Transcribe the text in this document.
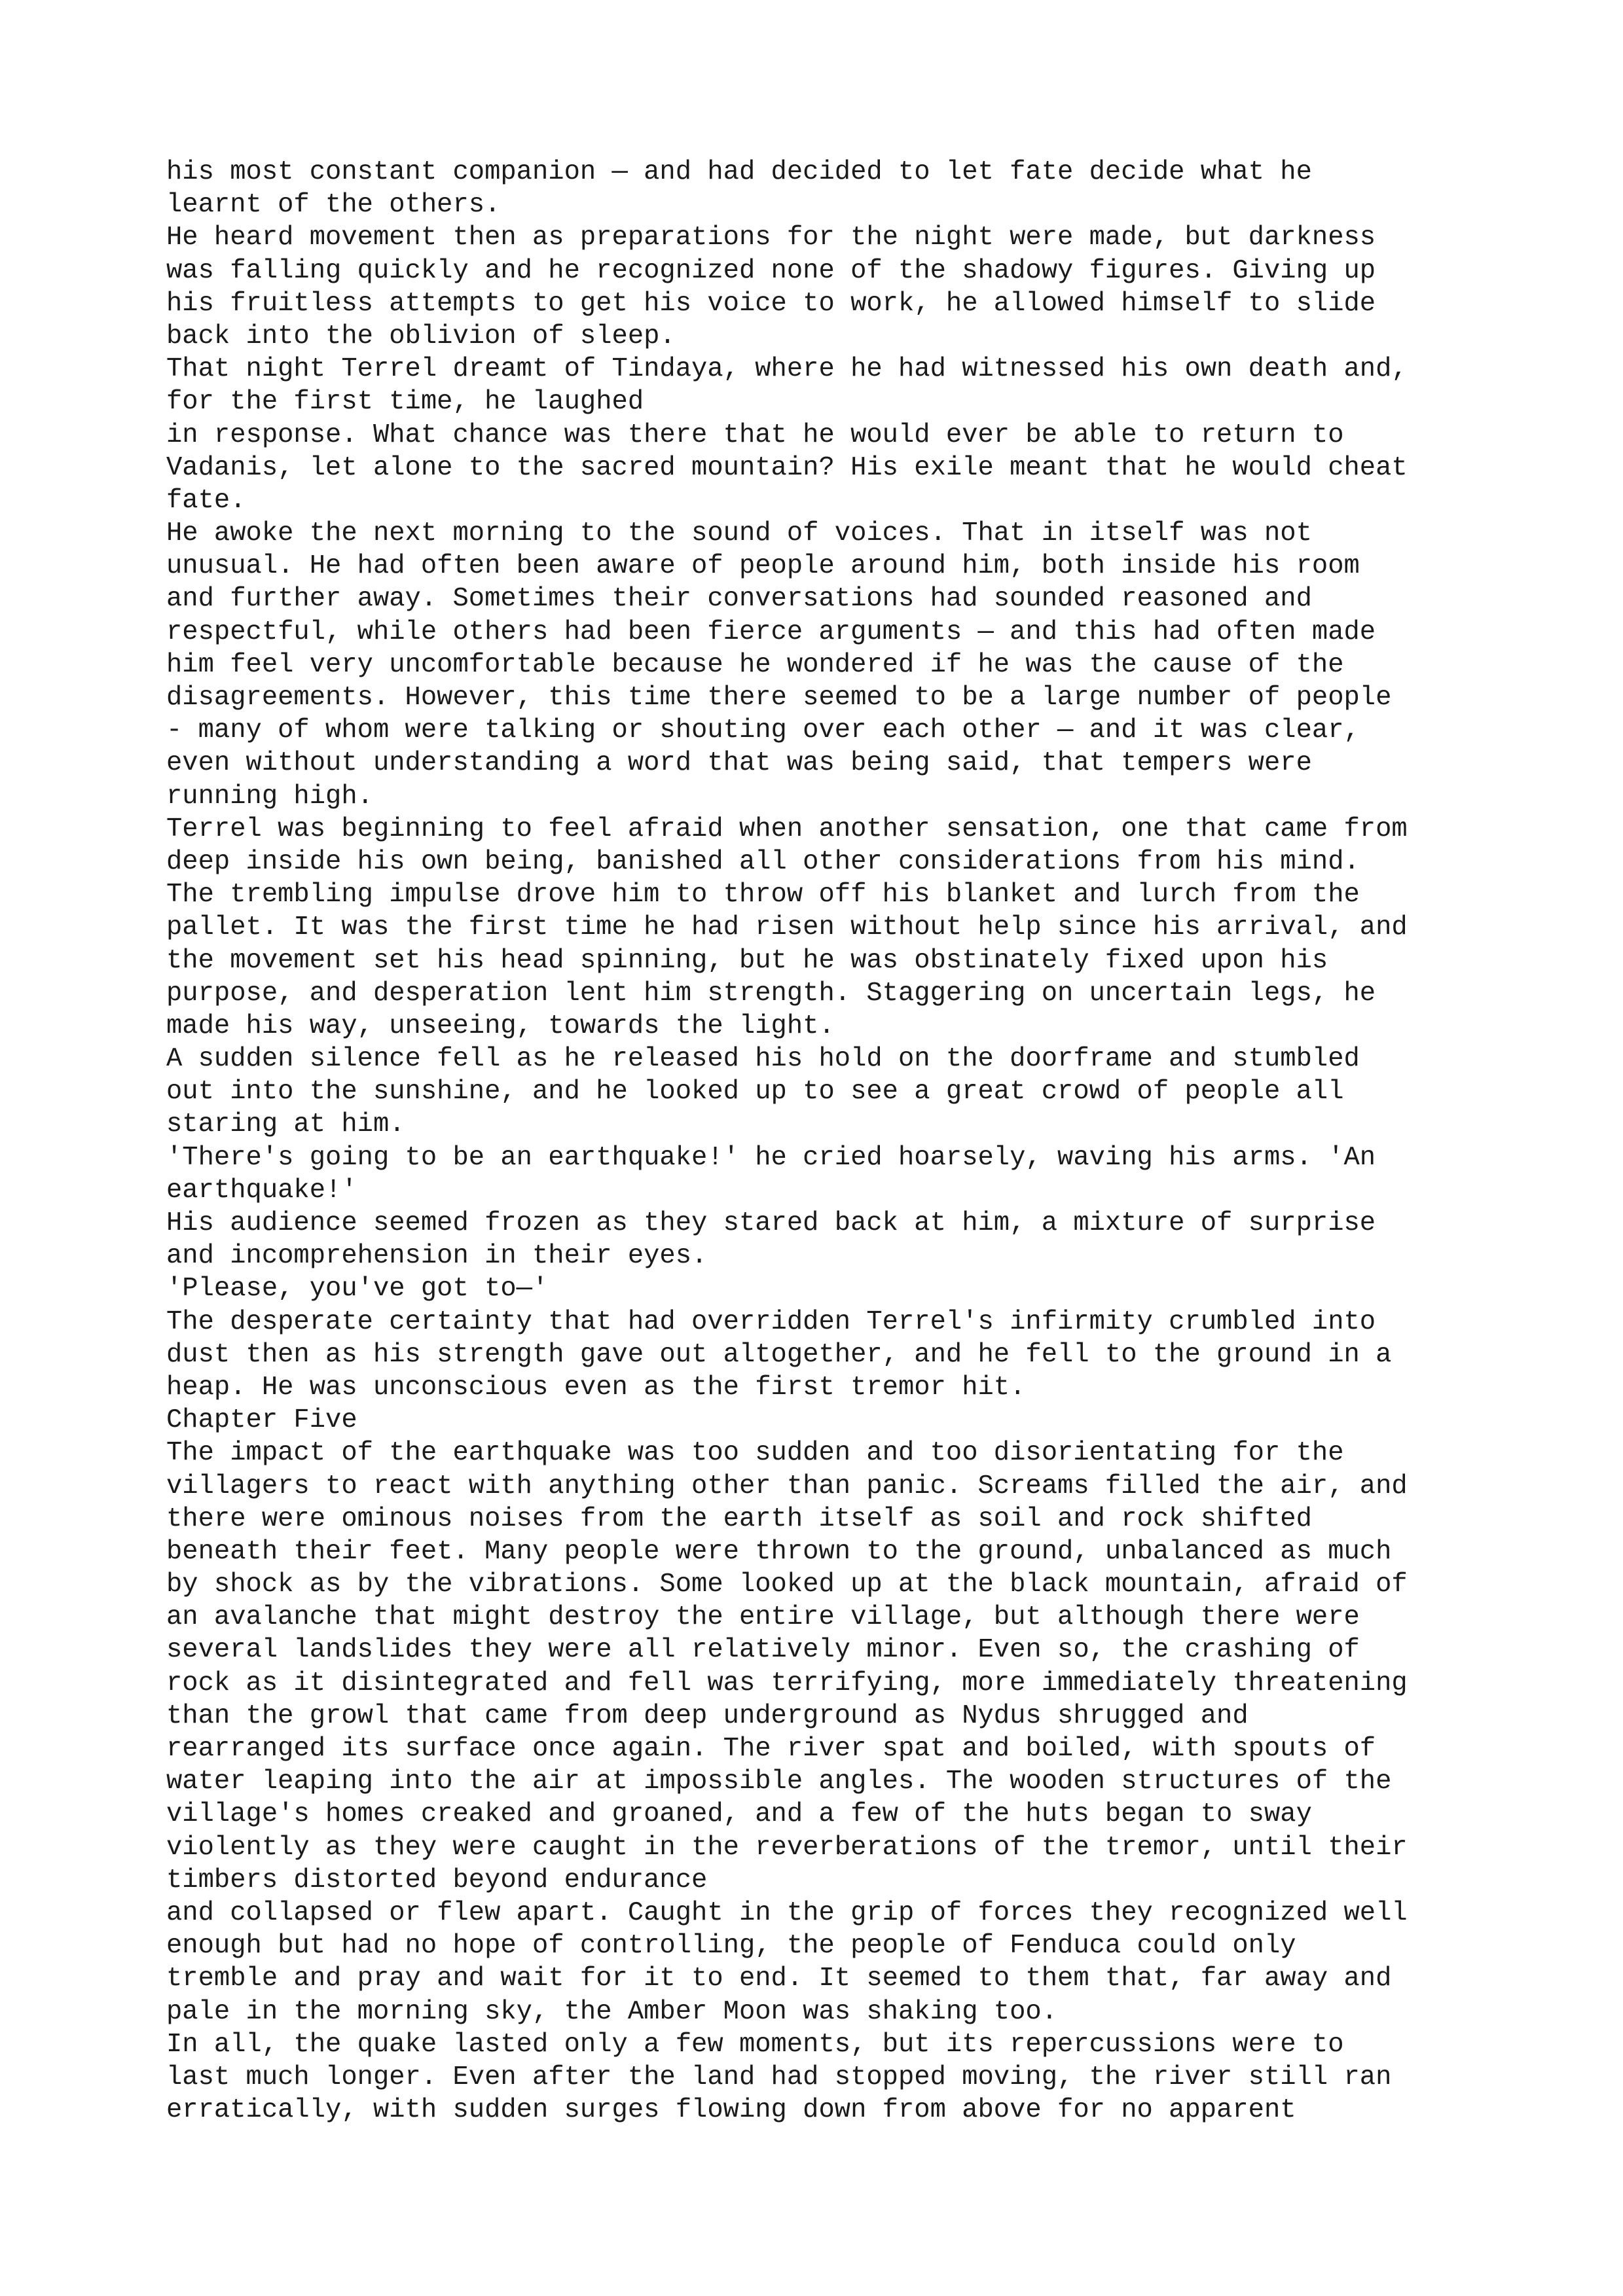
his most constant companion — and had decided to let fate decide what he
learnt of the others.
He heard movement then as preparations for the night were made, but darkness
was falling quickly and he recognized none of the shadowy figures. Giving up
his fruitless attempts to get his voice to work, he allowed himself to slide
back into the oblivion of sleep.
That night Terrel dreamt of Tindaya, where he had witnessed his own death and,
for the first time, he laughed
in response. What chance was there that he would ever be able to return to
Vadanis, let alone to the sacred mountain? His exile meant that he would cheat
fate.
He awoke the next morning to the sound of voices. That in itself was not
unusual. He had often been aware of people around him, both inside his room
and further away. Sometimes their conversations had sounded reasoned and
respectful, while others had been fierce arguments — and this had often made
him feel very uncomfortable because he wondered if he was the cause of the
disagreements. However, this time there seemed to be a large number of people
- many of whom were talking or shouting over each other — and it was clear,
even without understanding a word that was being said, that tempers were
running high.
Terrel was beginning to feel afraid when another sensation, one that came from
deep inside his own being, banished all other considerations from his mind.
The trembling impulse drove him to throw off his blanket and lurch from the
pallet. It was the first time he had risen without help since his arrival, and
the movement set his head spinning, but he was obstinately fixed upon his
purpose, and desperation lent him strength. Staggering on uncertain legs, he
made his way, unseeing, towards the light.
A sudden silence fell as he released his hold on the doorframe and stumbled
out into the sunshine, and he looked up to see a great crowd of people all
staring at him.
'There's going to be an earthquake!' he cried hoarsely, waving his arms. 'An
earthquake!'
His audience seemed frozen as they stared back at him, a mixture of surprise
and incomprehension in their eyes.
'Please, you've got to—'
The desperate certainty that had overridden Terrel's infirmity crumbled into
dust then as his strength gave out altogether, and he fell to the ground in a
heap. He was unconscious even as the first tremor hit.
Chapter Five
The impact of the earthquake was too sudden and too disorientating for the
villagers to react with anything other than panic. Screams filled the air, and
there were ominous noises from the earth itself as soil and rock shifted
beneath their feet. Many people were thrown to the ground, unbalanced as much
by shock as by the vibrations. Some looked up at the black mountain, afraid of
an avalanche that might destroy the entire village, but although there were
several landslides they were all relatively minor. Even so, the crashing of
rock as it disintegrated and fell was terrifying, more immediately threatening
than the growl that came from deep underground as Nydus shrugged and
rearranged its surface once again. The river spat and boiled, with spouts of
water leaping into the air at impossible angles. The wooden structures of the
village's homes creaked and groaned, and a few of the huts began to sway
violently as they were caught in the reverberations of the tremor, until their
timbers distorted beyond endurance
and collapsed or flew apart. Caught in the grip of forces they recognized well
enough but had no hope of controlling, the people of Fenduca could only
tremble and pray and wait for it to end. It seemed to them that, far away and
pale in the morning sky, the Amber Moon was shaking too.
In all, the quake lasted only a few moments, but its repercussions were to
last much longer. Even after the land had stopped moving, the river still ran
erratically, with sudden surges flowing down from above for no apparent
